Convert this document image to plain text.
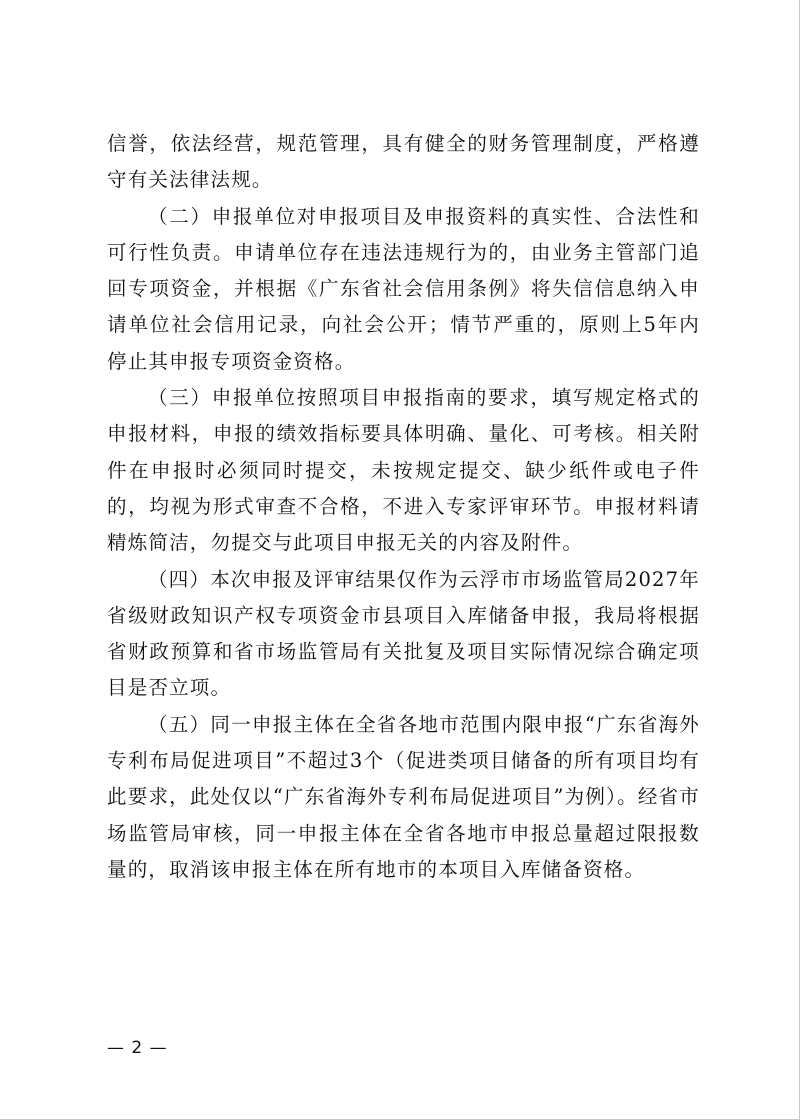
信誉，依法经营，规范管理，具有健全的财务管理制度，严格遵守有关法律法规。

（二）申报单位对申报项目及申报资料的真实性、合法性和可行性负责。申请单位存在违法违规行为的，由业务主管部门追回专项资金，并根据《广东省社会信用条例》将失信信息纳入申请单位社会信用记录，向社会公开；情节严重的，原则上5年内停止其申报专项资金资格。

（三）申报单位按照项目申报指南的要求，填写规定格式的申报材料，申报的绩效指标要具体明确、量化、可考核。相关附件在申报时必须同时提交，未按规定提交、缺少纸件或电子件的，均视为形式审查不合格，不进入专家评审环节。申报材料请精炼简洁，勿提交与此项目申报无关的内容及附件。

（四）本次申报及评审结果仅作为云浮市市场监管局2027年省级财政知识产权专项资金市县项目入库储备申报，我局将根据省财政预算和省市场监管局有关批复及项目实际情况综合确定项目是否立项。

（五）同一申报主体在全省各地市范围内限申报“广东省海外专利布局促进项目”不超过3个（促进类项目储备的所有项目均有此要求，此处仅以“广东省海外专利布局促进项目”为例）。经省市场监管局审核，同一申报主体在全省各地市申报总量超过限报数量的，取消该申报主体在所有地市的本项目入库储备资格。

— 2 —
